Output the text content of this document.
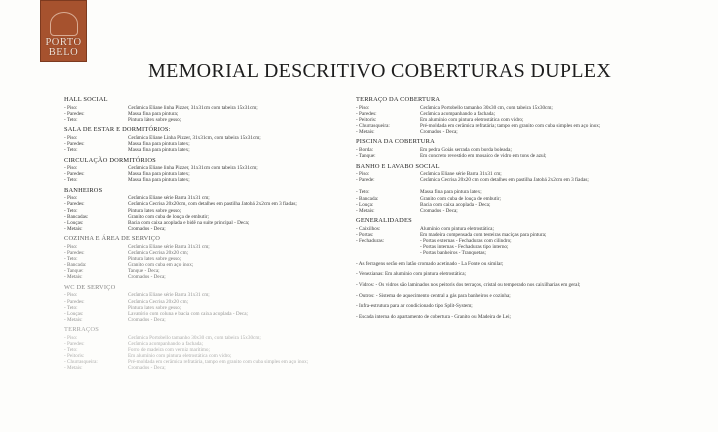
PORTO
BELO
MEMORIAL DESCRITIVO COBERTURAS DUPLEX
HALL SOCIAL
- Piso:	Cerâmica Eliane linha Pizzer, 31x31cm com tabeira 15x31cm;
- Paredes:	Massa fina para pintura;
- Teto:	Pintura látex sobre gesso;
SALA DE ESTAR E DORMITÓRIOS:
- Piso:	Cerâmica Eliane Linha Pizzer, 31x31cm, com tabeira 15x31cm;
- Paredes:	Massa fina para pintura latex;
- Teto:	Massa fina para pintura latex;
CIRCULAÇÃO DORMITÓRIOS
- Piso:	Cerâmica Eliane linha Pizzer, 31x31cm com tabeira 15x31cm;
- Paredes:	Massa fina para pintura latex;
- Teto:	Massa fina para pintura latex;
BANHEIROS
- Piso:	Cerâmica Eliane série Barra 31x31 cm;
- Paredes:	Cerâmica Cecrisa 20x20cm, com detalhes em pastilha Jatobá 2x2cm em 3 fiadas;
- Teto:	Pintura latex sobre gesso;
- Bancadas:	Granito com cuba de louça de embutir;
- Louças:	Bacia com caixa acoplada e bidê na suíte principal - Deca;
- Metais:	Cromados - Deca;
COZINHA E ÁREA DE SERVIÇO
- Piso:	Cerâmica Eliane série Barra 31x31 cm;
- Paredes:	Cerâmica Cecrisa 20x20 cm;
- Teto:	Pintura latex sobre gesso;
- Bancada:	Granito com cuba em aço inox;
- Tanque:	Tanque - Deca;
- Metais:	Cromados - Deca;
WC DE SERVIÇO
- Piso:	Cerâmica Eliane série Barra 31x31 cm;
- Paredes:	Cerâmica Cecrisa 20x20 cm;
- Teto:	Pintura latex sobre gesso;
- Louças:	Lavatório com coluna e bacia com caixa acoplada - Deca;
- Metais:	Cromados - Deca;
TERRAÇOS
- Piso:	Cerâmica Portobello tamanho 30x30 cm, com tabeira 15x30cm;
- Paredes:	Cerâmica acompanhando a fachada;
- Teto:	Forro de madeira com verniz marítimo;
- Peitoris:	Em alumínio com pintura eletrostática com vidro;
- Churrasqueira:	Pré-moldada em cerâmica refratária, tampo em granito com cuba simples em aço inox;
- Metais:	Cromados - Deca;
TERRAÇO DA COBERTURA
- Piso:	Cerâmica Portobello tamanho 30x30 cm, com tabeira 15x30cm;
- Paredes:	Cerâmica acompanhando a fachada;
- Peitoris:	Em alumínio com pintura eletrostática com vidro;
- Churrasqueira:	Pré-moldada em cerâmica refratária; tampo em granito com cuba simples em aço inox;
- Metais:	Cromados - Deca;
PISCINA DA COBERTURA
- Borda:	Em pedra Goiás serrada com borda boleada;
- Tanque:	Em concreto revestido em mosaico de vidro em tons de azul;
BANHO E LAVABO SOCIAL
- Piso:	Cerâmica Eliane série Barra 31x31 cm;
- Parede:	Cerâmica Cecrisa 20x20 cm com detalhes em pastilha Jatobá 2x2cm em 3 fiadas;

- Teto:	Massa fina para pintura latex;
- Bancada:	Granito com cuba de louça de embutir;
- Louça:	Bacia com caixa acoplada - Deca;
- Metais:	Cromados - Deca;
GENERALIDADES
- Caixilhos:	Alumínio com pintura eletrostática;
- Portas:	Em madeira compensada com testeiras maciças para pintura;
- Fechaduras:	- Portas externas - Fechaduras com cilindro;
- Portas internas - Fechaduras tipo interno;
- Portas banheiros - Tranquetas;
- As ferragens serão em latão cromado acetinado - La Fonte ou similar;
- Venezianas: Em alumínio com pintura eletrostática;
- Vidros: - Os vidros são laminados nos peitoris dos terraços, cristal ou temperado nos caixilharias em geral;
- Outros: - Sistema de aquecimento central a gás para banheiros e cozinha;
- Infra-estrutura para ar condicionado tipo Split-System;
- Escada interna do apartamento de cobertura - Granito ou Madeira de Lei;
